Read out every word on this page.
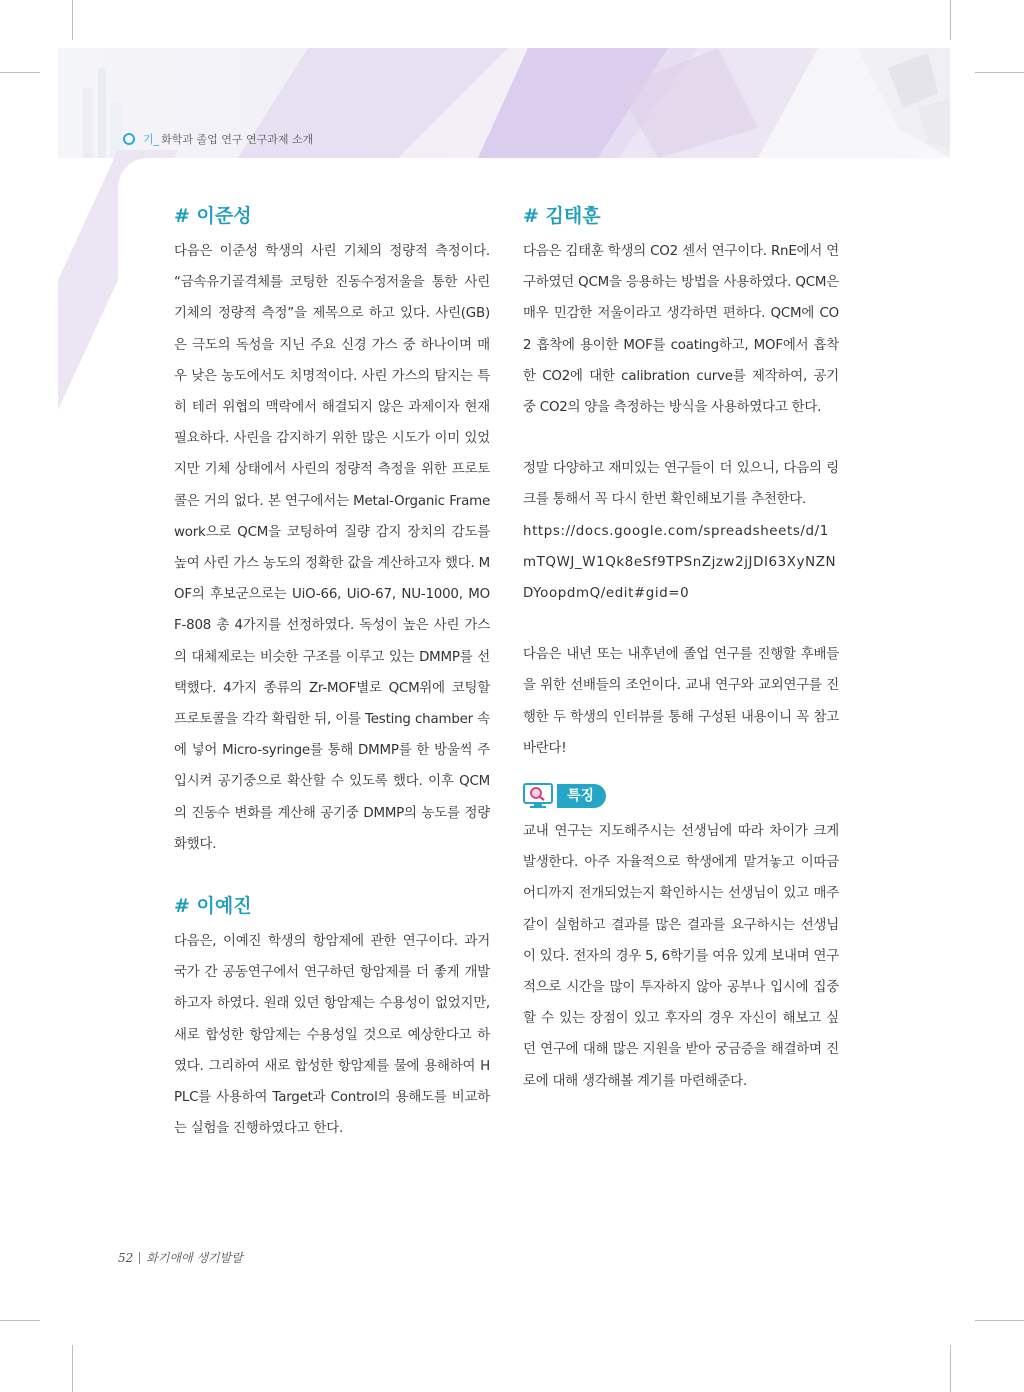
기_ 화학과 졸업 연구 연구과제 소개
# 이준성

다음은 이준성 학생의 사린 기체의 정량적 측정이다. “금속유기골격체를 코팅한 진동수정저울을 통한 사린 기체의 정량적 측정”을 제목으로 하고 있다. 사린(GB)은 극도의 독성을 지닌 주요 신경 가스 중 하나이며 매우 낮은 농도에서도 치명적이다. 사린 가스의 탐지는 특히 테러 위협의 맥락에서 해결되지 않은 과제이자 현재 필요하다. 사린을 감지하기 위한 많은 시도가 이미 있었지만 기체 상태에서 사린의 정량적 측정을 위한 프로토콜은 거의 없다. 본 연구에서는 Metal-Organic Framework으로 QCM을 코팅하여 질량 감지 장치의 감도를 높여 사린 가스 농도의 정확한 값을 계산하고자 했다. MOF의 후보군으로는 UiO-66, UiO-67, NU-1000, MOF-808 총 4가지를 선정하였다. 독성이 높은 사린 가스의 대체제로는 비슷한 구조를 이루고 있는 DMMP를 선택했다. 4가지 종류의 Zr-MOF별로 QCM위에 코팅할 프로토콜을 각각 확립한 뒤, 이를 Testing chamber 속에 넣어 Micro-syringe를 통해 DMMP를 한 방울씩 주입시켜 공기중으로 확산할 수 있도록 했다. 이후 QCM의 진동수 변화를 계산해 공기중 DMMP의 농도를 정량화했다.

# 이예진

다음은, 이예진 학생의 항암제에 관한 연구이다. 과거 국가 간 공동연구에서 연구하던 항암제를 더 좋게 개발하고자 하였다. 원래 있던 항암제는 수용성이 없었지만, 새로 합성한 항암제는 수용성일 것으로 예상한다고 하였다. 그리하여 새로 합성한 항암제를 물에 용해하여 HPLC를 사용하여 Target과 Control의 용해도를 비교하는 실험을 진행하였다고 한다.

# 김태훈

다음은 김태훈 학생의 CO2 센서 연구이다. RnE에서 연구하였던 QCM을 응용하는 방법을 사용하였다. QCM은 매우 민감한 저울이라고 생각하면 편하다. QCM에 CO2 흡착에 용이한 MOF를 coating하고, MOF에서 흡착한 CO2에 대한 calibration curve를 제작하여, 공기 중 CO2의 양을 측정하는 방식을 사용하였다고 한다.

정말 다양하고 재미있는 연구들이 더 있으니, 다음의 링크를 통해서 꼭 다시 한번 확인해보기를 추천한다.

https://docs.google.com/spreadsheets/d/1mTQWJ_W1Qk8eSf9TPSnZjzw2jJDI63XyNZNDYoopdmQ/edit#gid=0

다음은 내년 또는 내후년에 졸업 연구를 진행할 후배들을 위한 선배들의 조언이다. 교내 연구와 교외연구를 진행한 두 학생의 인터뷰를 통해 구성된 내용이니 꼭 참고 바란다!

특징

교내 연구는 지도해주시는 선생님에 따라 차이가 크게 발생한다. 아주 자율적으로 학생에게 맡겨놓고 이따금 어디까지 전개되었는지 확인하시는 선생님이 있고 매주 같이 실험하고 결과를 많은 결과를 요구하시는 선생님이 있다. 전자의 경우 5, 6학기를 여유 있게 보내며 연구적으로 시간을 많이 투자하지 않아 공부나 입시에 집중할 수 있는 장점이 있고 후자의 경우 자신이 해보고 싶던 연구에 대해 많은 지원을 받아 궁금증을 해결하며 진로에 대해 생각해볼 계기를 마련해준다.

52 화기애애 생기발랄
